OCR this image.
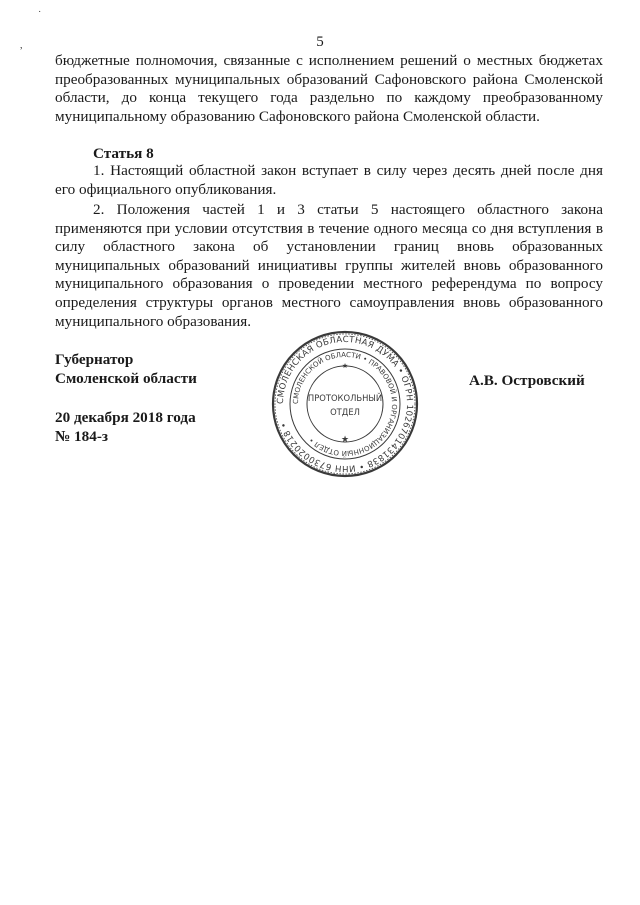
˙
,	5

бюджетные полномочия, связанные с исполнением решений о местных бюджетах преобразованных муниципальных образований Сафоновского района Смоленской области, до конца текущего года раздельно по каждому преобразованному муниципальному образованию Сафоновского района Смоленской области.

Статья 8

1. Настоящий областной закон вступает в силу через десять дней после дня его официального опубликования.

2. Положения частей 1 и 3 статьи 5 настоящего областного закона применяются при условии отсутствия в течение одного месяца со дня вступления в силу областного закона об установлении границ вновь образованных муниципальных образований инициативы группы жителей вновь образованного муниципального образования о проведении местного референдума по вопросу определения структуры органов местного самоуправления вновь образованного муниципального образования.

Губернатор
Смоленской области
20 декабря 2018 года
№ 184-з
А.В. Островский
СМОЛЕНСКАЯ ОБЛАСТНАЯ ДУМА • ОГРН 1026701431838 • ИНН 6730020218 •
СМОЛЕНСКОЙ ОБЛАСТИ • ПРАВОВОЙ И ОРГАНИЗАЦИОННЫЙ ОТДЕЛ •
ПРОТОКОЛЬНЫЙ
ОТДЕЛ
★
★
